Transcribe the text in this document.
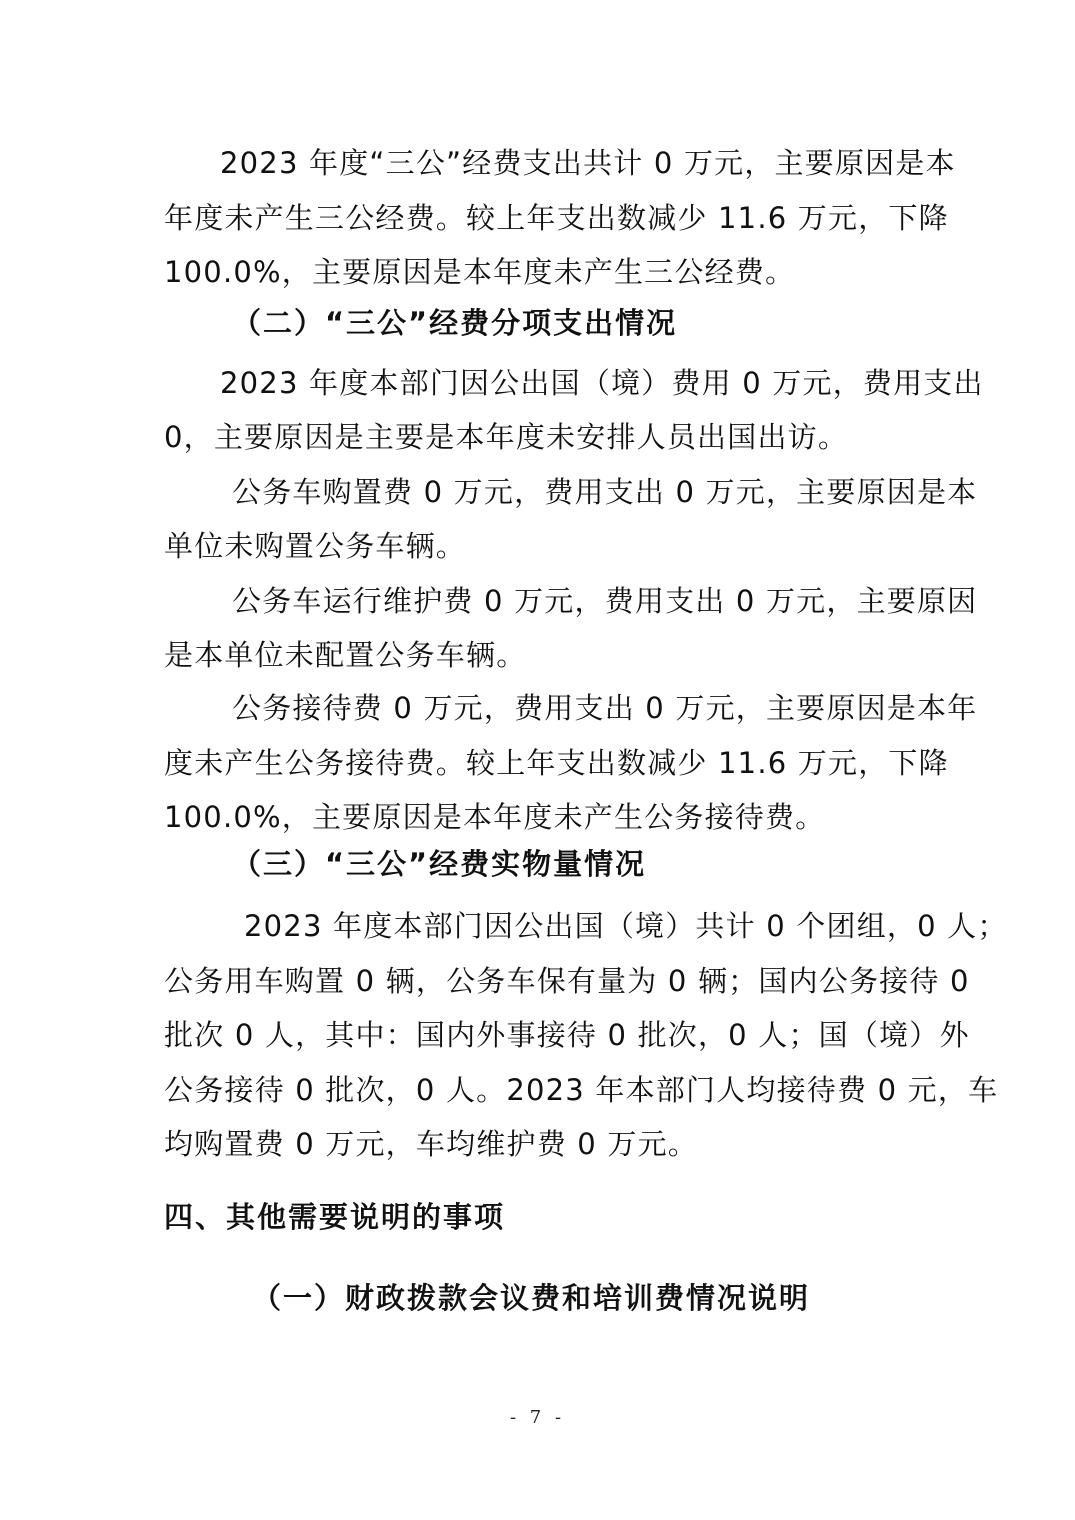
2023 年度“三公”经费支出共计 0 万元，主要原因是本
年度未产生三公经费。较上年支出数减少 11.6 万元，下降
100.0%，主要原因是本年度未产生三公经费。
（二）“三公”经费分项支出情况
2023 年度本部门因公出国（境）费用 0 万元，费用支出
0，主要原因是主要是本年度未安排人员出国出访。
公务车购置费 0 万元，费用支出 0 万元，主要原因是本
单位未购置公务车辆。
公务车运行维护费 0 万元，费用支出 0 万元，主要原因
是本单位未配置公务车辆。
公务接待费 0 万元，费用支出 0 万元，主要原因是本年
度未产生公务接待费。较上年支出数减少 11.6 万元，下降
100.0%，主要原因是本年度未产生公务接待费。
（三）“三公”经费实物量情况
2023 年度本部门因公出国（境）共计 0 个团组，0 人；
公务用车购置 0 辆，公务车保有量为 0 辆；国内公务接待 0
批次 0 人，其中：国内外事接待 0 批次，0 人；国（境）外
公务接待 0 批次，0 人。2023 年本部门人均接待费 0 元，车
均购置费 0 万元，车均维护费 0 万元。
四、其他需要说明的事项
（一）财政拨款会议费和培训费情况说明
- 7 -
